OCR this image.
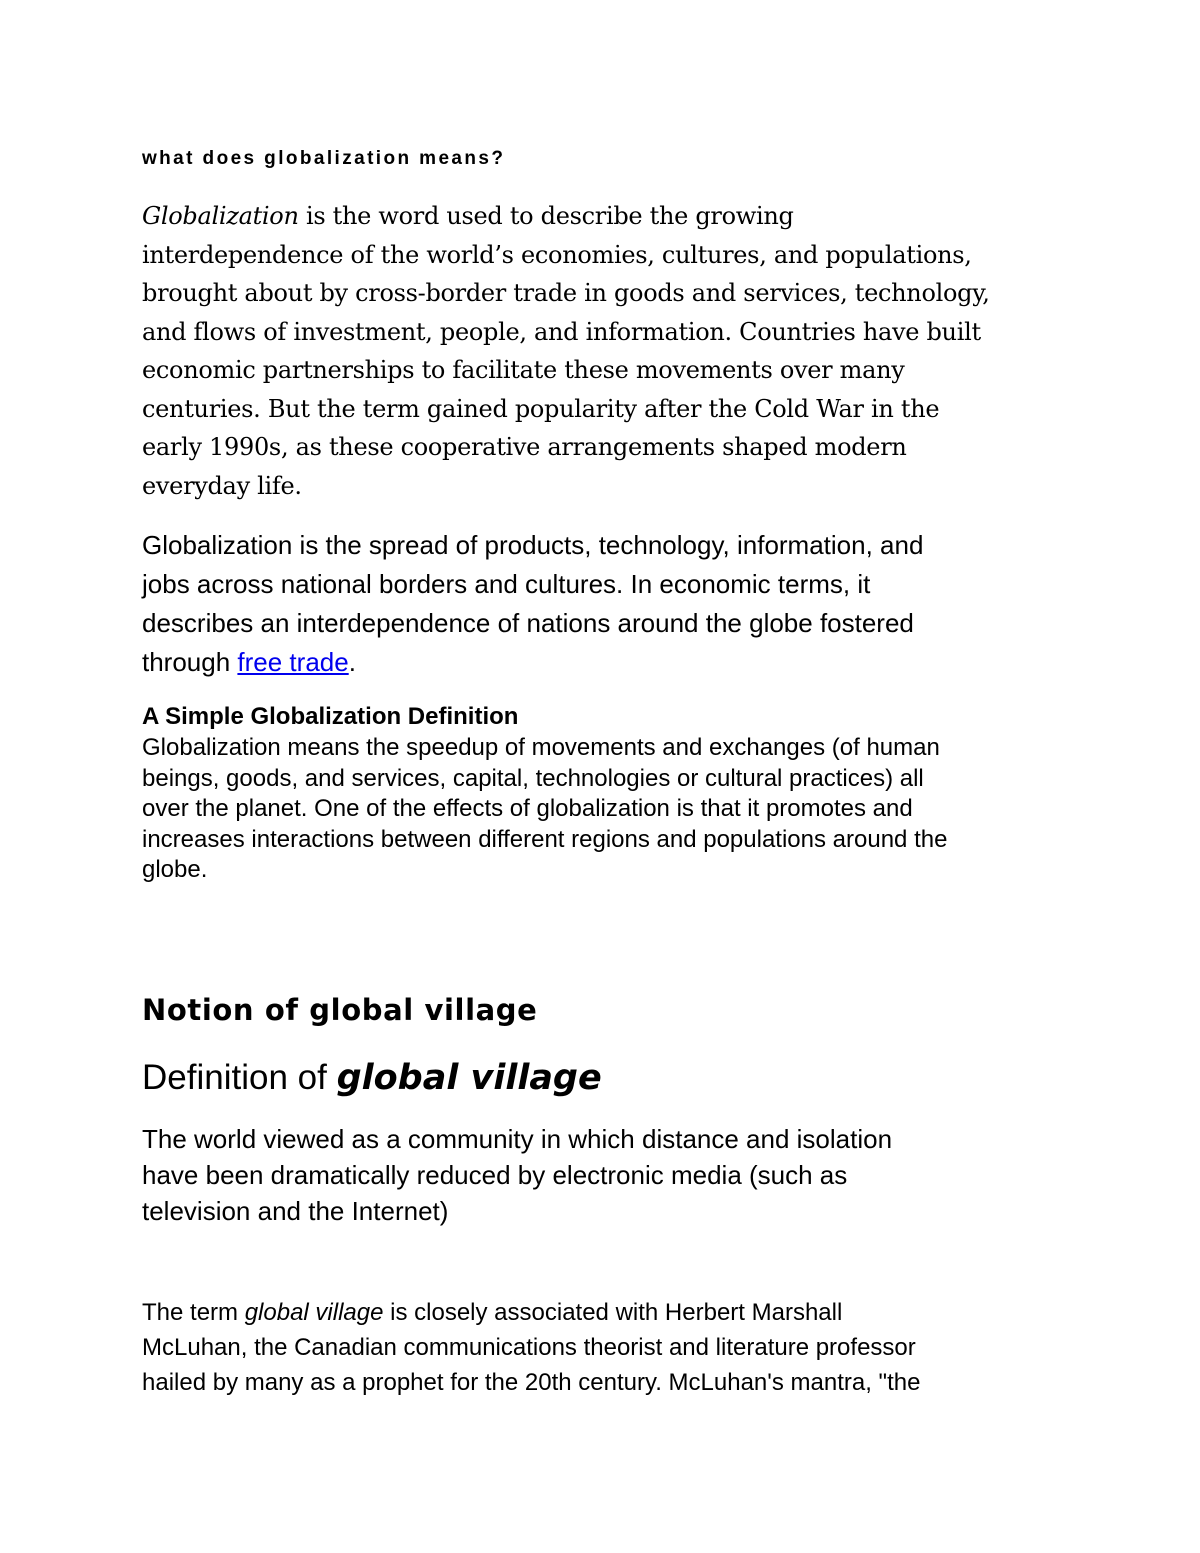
what does globalization means?

Globalization is the word used to describe the growing
interdependence of the world’s economies, cultures, and populations,
brought about by cross-border trade in goods and services, technology,
and flows of investment, people, and information. Countries have built
economic partnerships to facilitate these movements over many
centuries. But the term gained popularity after the Cold War in the
early 1990s, as these cooperative arrangements shaped modern
everyday life.

Globalization is the spread of products, technology, information, and
jobs across national borders and cultures. In economic terms, it
describes an interdependence of nations around the globe fostered
through free trade.

A Simple Globalization Definition

Globalization means the speedup of movements and exchanges (of human
beings, goods, and services, capital, technologies or cultural practices) all
over the planet. One of the effects of globalization is that it promotes and
increases interactions between different regions and populations around the
globe.

Notion of global village

Definition of global village

The world viewed as a community in which distance and isolation
have been dramatically reduced by electronic media (such as
television and the Internet)

The term global village is closely associated with Herbert Marshall
McLuhan, the Canadian communications theorist and literature professor
hailed by many as a prophet for the 20th century. McLuhan's mantra, "the
